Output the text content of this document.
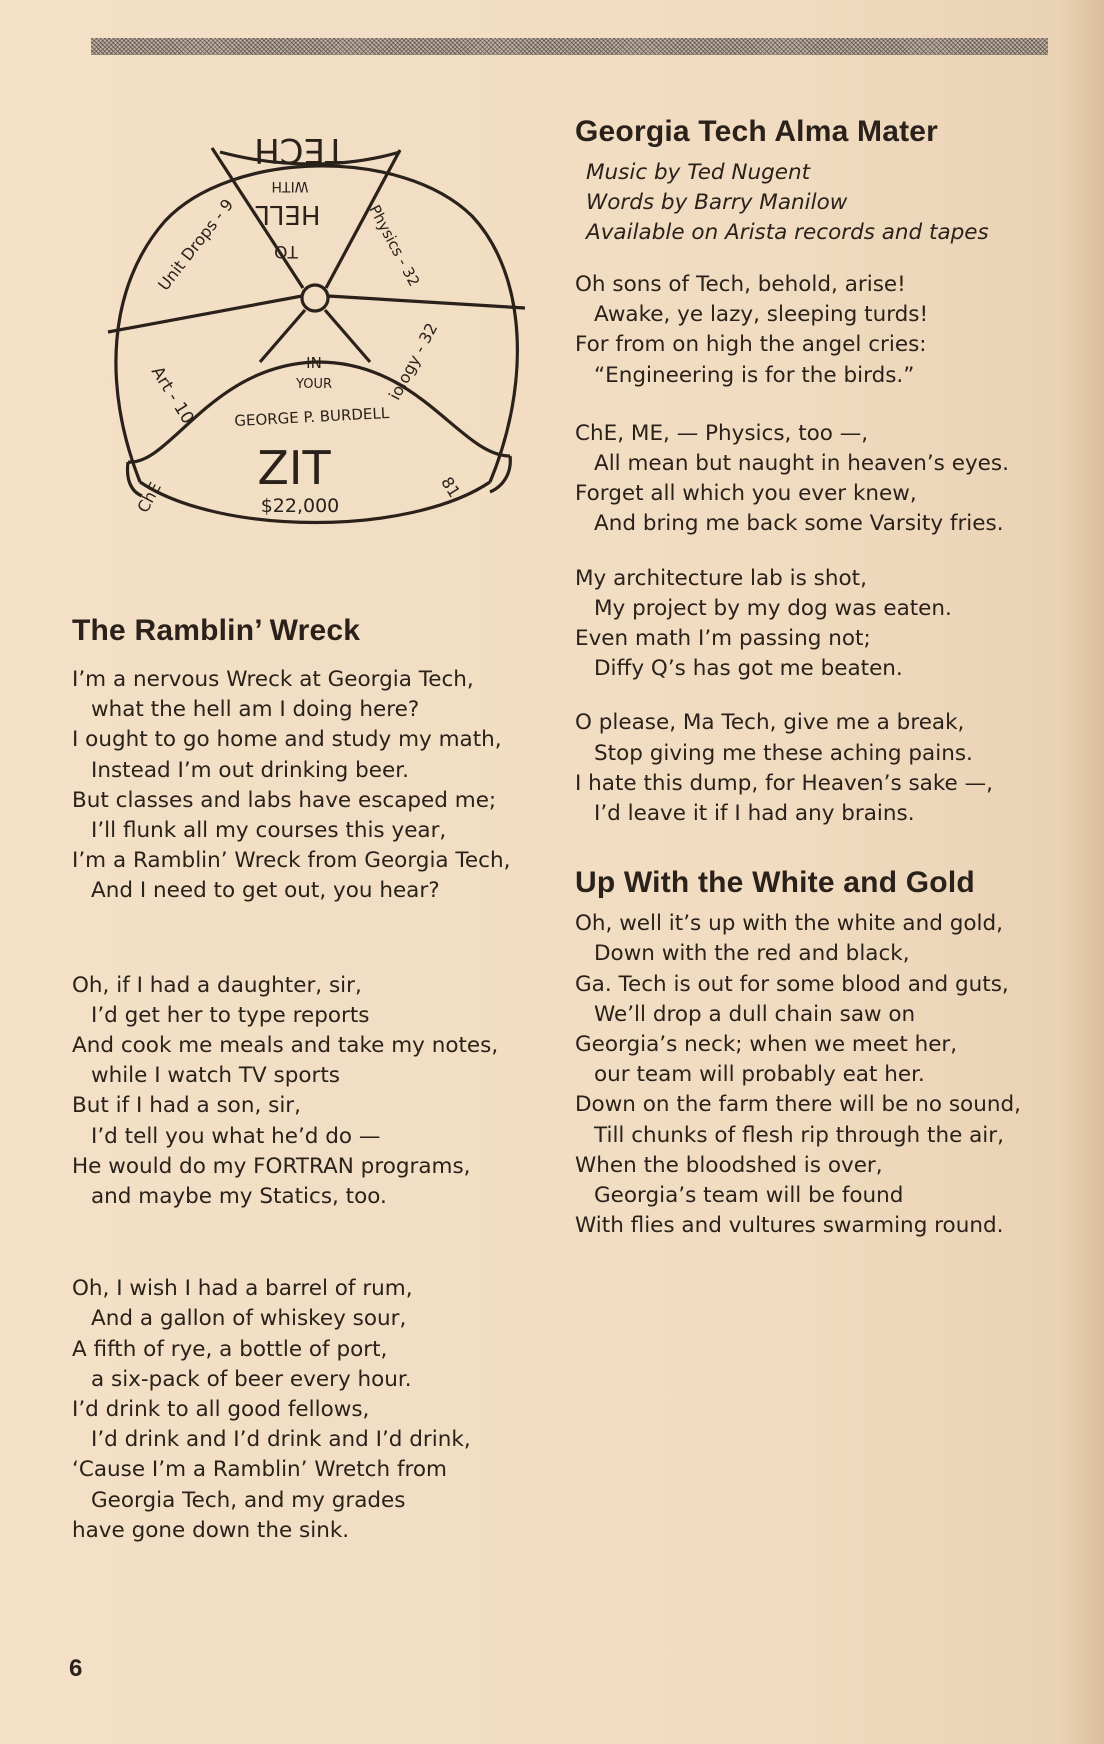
TECH
WITH
HELL
TO
Unit Drops - 9	Physics - 32
Art - 10	iology - 32
IN
YOUR
GEORGE P. BURDELL
ZIT
$22,000
ChE	81
The Ramblin’ Wreck
I’m a nervous Wreck at Georgia Tech,
what the hell am I doing here?
I ought to go home and study my math,
Instead I’m out drinking beer.
But classes and labs have escaped me;
I’ll flunk all my courses this year,
I’m a Ramblin’ Wreck from Georgia Tech,
And I need to get out, you hear?
Oh, if I had a daughter, sir,
I’d get her to type reports
And cook me meals and take my notes,
while I watch TV sports
But if I had a son, sir,
I’d tell you what he’d do —
He would do my FORTRAN programs,
and maybe my Statics, too.
Oh, I wish I had a barrel of rum,
And a gallon of whiskey sour,
A fifth of rye, a bottle of port,
a six-pack of beer every hour.
I’d drink to all good fellows,
I’d drink and I’d drink and I’d drink,
‘Cause I’m a Ramblin’ Wretch from
Georgia Tech, and my grades
have gone down the sink.
Georgia Tech Alma Mater
Music by Ted Nugent
Words by Barry Manilow
Available on Arista records and tapes
Oh sons of Tech, behold, arise!
Awake, ye lazy, sleeping turds!
For from on high the angel cries:
“Engineering is for the birds.”
ChE, ME, — Physics, too —,
All mean but naught in heaven’s eyes.
Forget all which you ever knew,
And bring me back some Varsity fries.
My architecture lab is shot,
My project by my dog was eaten.
Even math I’m passing not;
Diffy Q’s has got me beaten.
O please, Ma Tech, give me a break,
Stop giving me these aching pains.
I hate this dump, for Heaven’s sake —,
I’d leave it if I had any brains.
Up With the White and Gold
Oh, well it’s up with the white and gold,
Down with the red and black,
Ga. Tech is out for some blood and guts,
We’ll drop a dull chain saw on
Georgia’s neck; when we meet her,
our team will probably eat her.
Down on the farm there will be no sound,
Till chunks of flesh rip through the air,
When the bloodshed is over,
Georgia’s team will be found
With flies and vultures swarming round.
6
